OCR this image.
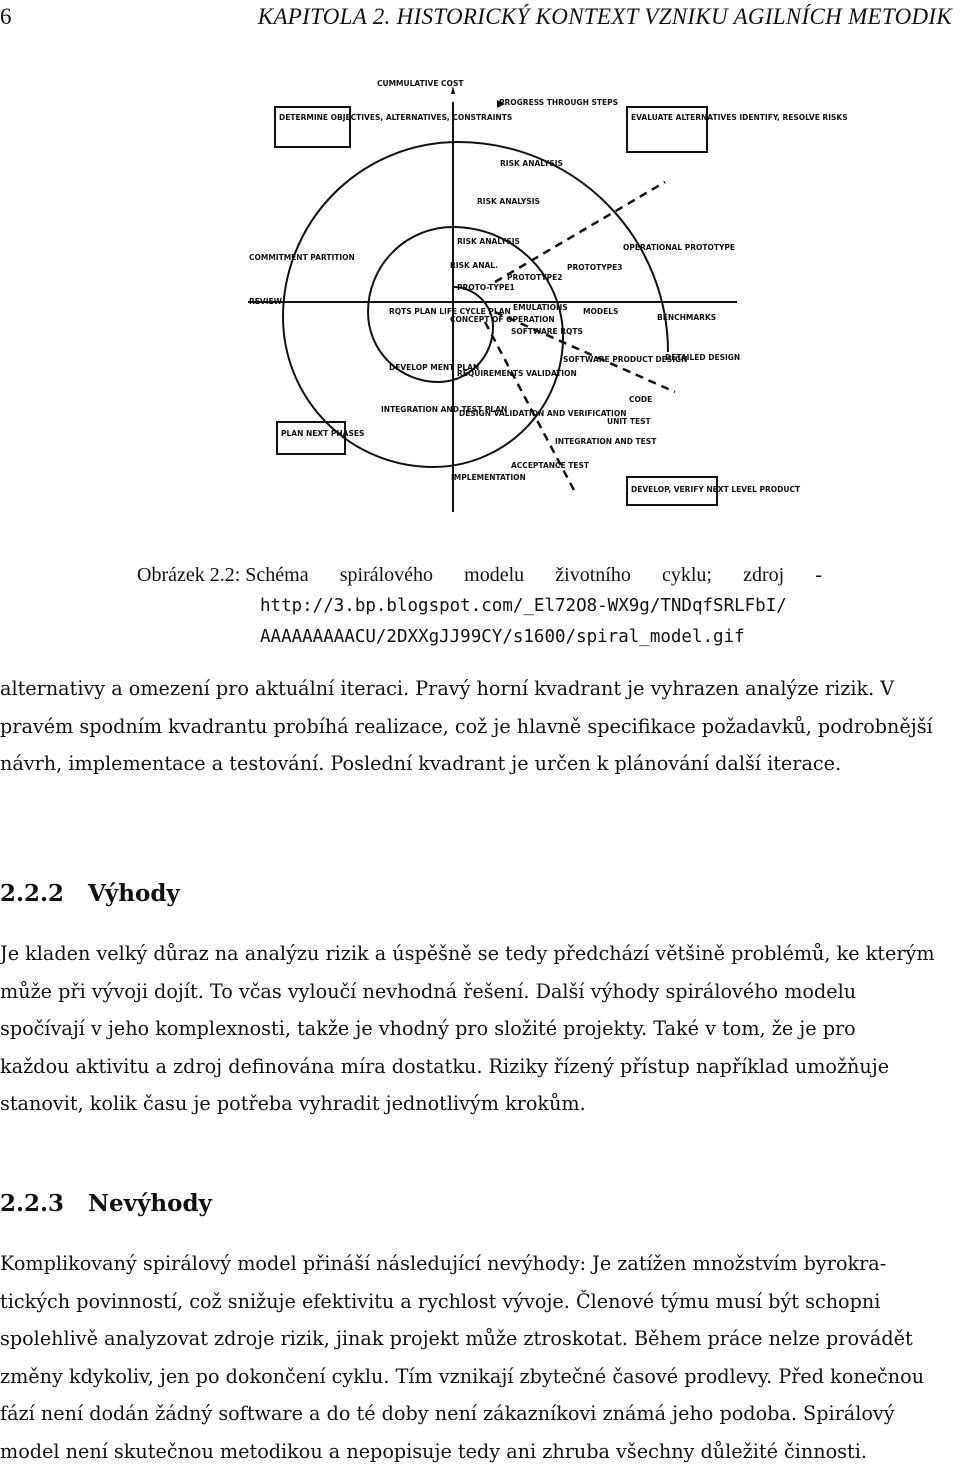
6	KAPITOLA 2. HISTORICKÝ KONTEXT VZNIKU AGILNÍCH METODIK
CUMMULATIVE COST
PROGRESS THROUGH STEPS
DETERMINE OBJECTIVES, ALTERNATIVES, CONSTRAINTS	EVALUATE ALTERNATIVES IDENTIFY, RESOLVE RISKS
RISK ANALYSIS
RISK ANALYSIS
RISK ANALYSIS
RISK ANAL.
COMMITMENT PARTITION
REVIEW
OPERATIONAL PROTOTYPE
PROTO-TYPE1
PROTOTYPE2
PROTOTYPE3
EMULATIONS MODELS
BENCHMARKS
RQTS PLAN LIFE CYCLE PLAN
CONCEPT OF OPERATION
SOFTWARE RQTS
DEVELOP MENT PLAN
REQUIREMENTS VALIDATION
SOFTWARE PRODUCT DESIGN
DETAILED DESIGN
CODE
INTEGRATION AND TEST PLAN
DESIGN VALIDATION AND VERIFICATION
UNIT TEST
PLAN NEXT PHASES
INTEGRATION AND TEST
ACCEPTANCE TEST
IMPLEMENTATION
DEVELOP, VERIFY NEXT LEVEL PRODUCT
Obrázek 2.2: Schéma spirálového modelu životního cyklu; zdroj -
http://3.bp.blogspot.com/_El72O8-WX9g/TNDqfSRLFbI/
AAAAAAAAACU/2DXXgJJ99CY/s1600/spiral_model.gif
alternativy a omezení pro aktuální iteraci. Pravý horní kvadrant je vyhrazen analýze rizik. V
pravém spodním kvadrantu probíhá realizace, což je hlavně specifikace požadavků, podrobnější
návrh, implementace a testování. Poslední kvadrant je určen k plánování další iterace.
2.2.2 Výhody
Je kladen velký důraz na analýzu rizik a úspěšně se tedy předchází většině problémů, ke kterým
může při vývoji dojít. To včas vyloučí nevhodná řešení. Další výhody spirálového modelu
spočívají v jeho komplexnosti, takže je vhodný pro složité projekty. Také v tom, že je pro
každou aktivitu a zdroj definována míra dostatku. Riziky řízený přístup například umožňuje
stanovit, kolik času je potřeba vyhradit jednotlivým krokům.
2.2.3 Nevýhody
Komplikovaný spirálový model přináší následující nevýhody: Je zatížen množstvím byrokra-
tických povinností, což snižuje efektivitu a rychlost vývoje. Členové týmu musí být schopni
spolehlivě analyzovat zdroje rizik, jinak projekt může ztroskotat. Během práce nelze provádět
změny kdykoliv, jen po dokončení cyklu. Tím vznikají zbytečné časové prodlevy. Před konečnou
fází není dodán žádný software a do té doby není zákazníkovi známá jeho podoba. Spirálový
model není skutečnou metodikou a nepopisuje tedy ani zhruba všechny důležité činnosti.
